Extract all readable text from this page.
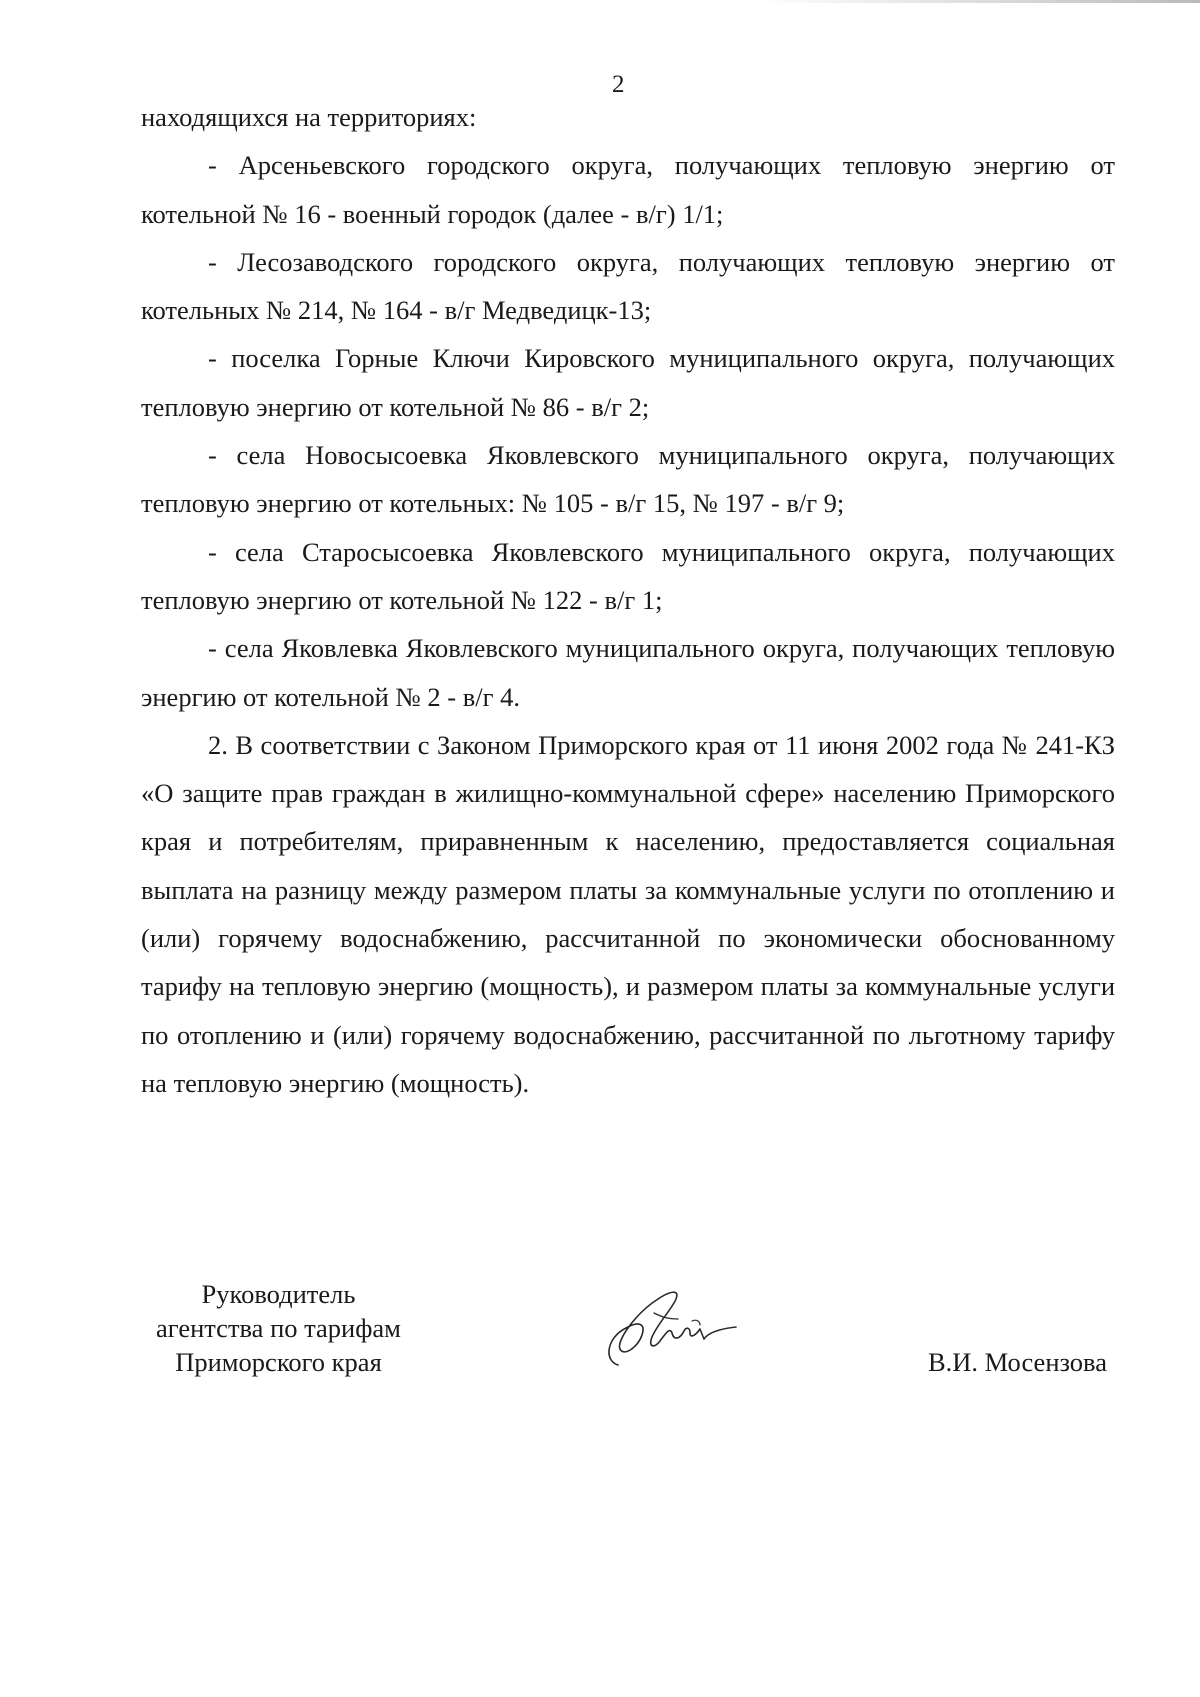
2

находящихся на территориях:

- Арсеньевского городского округа, получающих тепловую энергию от котельной № 16 - военный городок (далее - в/г) 1/1;

- Лесозаводского городского округа, получающих тепловую энергию от котельных № 214, № 164 - в/г Медведицк-13;

- поселка Горные Ключи Кировского муниципального округа, получающих тепловую энергию от котельной № 86 - в/г 2;

- села Новосысоевка Яковлевского муниципального округа, получающих тепловую энергию от котельных: № 105 - в/г 15, № 197 - в/г 9;

- села Старосысоевка Яковлевского муниципального округа, получающих тепловую энергию от котельной № 122 - в/г 1;

- села Яковлевка Яковлевского муниципального округа, получающих тепловую энергию от котельной № 2 - в/г 4.

2. В соответствии с Законом Приморского края от 11 июня 2002 года № 241-КЗ «О защите прав граждан в жилищно-коммунальной сфере» населению Приморского края и потребителям, приравненным к населению, предоставляется социальная выплата на разницу между размером платы за коммунальные услуги по отоплению и (или) горячему водоснабжению, рассчитанной по экономически обоснованному тарифу на тепловую энергию (мощность), и размером платы за коммунальные услуги по отоплению и (или) горячему водоснабжению, рассчитанной по льготному тарифу на тепловую энергию (мощность).

Руководитель
агентства по тарифам
Приморского края	В.И. Мосензова
